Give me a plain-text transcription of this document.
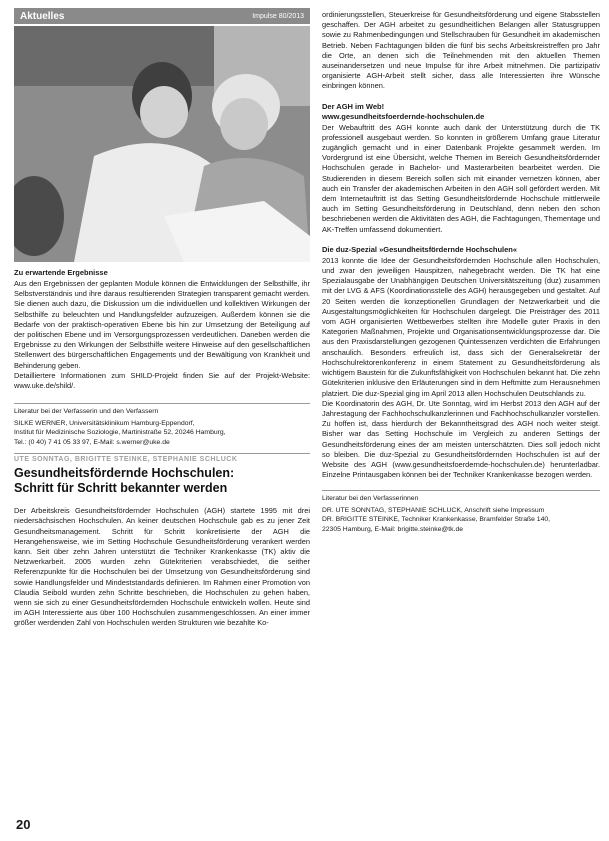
Aktuelles	Impulse 80/2013

Zu erwartende Ergebnisse

Aus den Ergebnissen der geplanten Module können die Entwicklungen der Selbsthilfe, ihr Selbstverständnis und ihre daraus resultierenden Strategien transparent gemacht werden. Sie dienen auch dazu, die Diskussion um die individuellen und kollektiven Wirkungen der Selbsthilfe zu beleuchten und Handlungsfelder aufzuzeigen. Außerdem können sie die Bedarfe von der praktisch-operativen Ebene bis hin zur Umsetzung der Beteiligung auf der politischen Ebene und im Versorgungsprozessen verdeutlichen. Daneben werden die Ergebnisse zu den Wirkungen der Selbsthilfe weitere Hinweise auf den gesellschaftlichen Stellenwert des bürgerschaftlichen Engagements und der Bewältigung von Krankheit und Behinderung geben.

Detailliertere Informationen zum SHILD-Projekt finden Sie auf der Projekt-Website: www.uke.de/shild/.

Literatur bei der Verfasserin und den Verfassern

SILKE WERNER, Universitätsklinikum Hamburg-Eppendorf,

Institut für Medizinische Soziologie, Martinistraße 52, 20246 Hamburg,

Tel.: (0 40) 7 41 05 33 97, E-Mail: s.werner@uke.de

UTE SONNTAG, BRIGITTE STEINKE, STEPHANIE SCHLUCK

Gesundheitsfördernde Hochschulen:

Schritt für Schritt bekannter werden

Der Arbeitskreis Gesundheitsfördernder Hochschulen (AGH) startete 1995 mit drei niedersächsischen Hochschulen. An keiner deutschen Hochschule gab es zu jener Zeit Gesundheitsmanagement. Schritt für Schritt konkretisierte der AGH die Herangehensweise, wie im Setting Hochschule Gesundheitsförderung verankert werden kann. Seit über zehn Jahren unterstützt die Techniker Krankenkasse (TK) aktiv die Netzwerkarbeit. 2005 wurden zehn Gütekriterien verabschiedet, die seither Referenzpunkte für die Hochschulen bei der Umsetzung von Gesundheitsförderung sind sowie Handlungsfelder und Mindeststandards definieren. Im Rahmen einer Promotion von Claudia Seibold wurden zehn Schritte beschrieben, die Hochschulen zu gehen haben, wenn sie sich zu einer Gesundheitsfördernden Hochschule entwickeln wollen. Heute sind im AGH Interessierte aus über 100 Hochschulen zusammengeschlossen. An einer immer größer werdenden Zahl von Hochschulen werden Strukturen wie bezahlte Ko-

ordinierungsstellen, Steuerkreise für Gesundheitsförderung und eigene Stabsstellen geschaffen. Der AGH arbeitet zu gesundheitlichen Belangen aller Statusgruppen sowie zu Rahmenbedingungen und Stellschrauben für Gesundheit im akademischen Betrieb. Neben Fachtagungen bilden die fünf bis sechs Arbeitskreistreffen pro Jahr die Orte, an denen sich die Teilnehmenden mit den aktuellen Themen auseinandersetzen und neue Impulse für ihre Arbeit mitnehmen. Die partizipativ organisierte AGH-Arbeit stellt sicher, dass alle Interessierten ihre Wünsche einbringen können.

Der AGH im Web!

www.gesundheitsfoerdernde-hochschulen.de

Der Webauftritt des AGH konnte auch dank der Unterstützung durch die TK professionell ausgebaut werden. So konnten in größerem Umfang graue Literatur zugänglich gemacht und in einer Datenbank Projekte gesammelt werden. Im Vordergrund ist eine Übersicht, welche Themen im Bereich Gesundheitsfördernder Hochschulen gerade in Bachelor- und Masterarbeiten bearbeitet werden. Die Studierenden in diesem Bereich sollen sich mit einander vernetzen können, aber auch ein Transfer der akademischen Arbeiten in den AGH soll gefördert werden. Mit dem Internetauftritt ist das Setting Gesundheitsfördernde Hochschule mittlerweile auch im Setting Gesundheitsförderung in Deutschland, denn neben den schon beschriebenen werden die Aktivitäten des AGH, die Fachtagungen, Thementage und AK-Treffen umfassend dokumentiert.

Die duz-Spezial »Gesundheitsfördernde Hochschulen«

2013 konnte die Idee der Gesundheitsfördernden Hochschule allen Hochschulen, und zwar den jeweiligen Hauspitzen, nahegebracht werden. Die TK hat eine Spezialausgabe der Unabhängigen Deutschen Universitätszeitung (duz) zusammen mit der LVG & AFS (Koordinationsstelle des AGH) herausgegeben und gestaltet. Auf 20 Seiten werden die konzeptionellen Grundlagen der Netzwerkarbeit und die Ausgestaltungsmöglichkeiten für Hochschulen dargelegt. Die Preisträger des 2011 vom AGH organisierten Wettbewerbes stellten ihre Modelle guter Praxis in den Kategorien Maßnahmen, Projekte und Organisationsentwicklungsprozesse dar. Die aus den Praxisdarstellungen gezogenen Quintessenzen verdichten die Erfahrungen anschaulich. Besonders erfreulich ist, dass sich der Generalsekretär der Hochschulrektorenkonferenz in einem Statement zu Gesundheitsförderung als wichtigem Baustein für die Zukunftsfähigkeit von Hochschulen bekannt hat. Die zehn Gütekriterien inklusive den Erläuterungen sind in dem Heftmitte zum Herausnehmen platziert. Die duz-Spezial ging im April 2013 allen Hochschulen Deutschlands zu.

Die Koordinatorin des AGH, Dr. Ute Sonntag, wird im Herbst 2013 den AGH auf der Jahrestagung der Fachhochschulkanzlerinnen und Fachhochschulkanzler vorstellen. Zu hoffen ist, dass hierdurch der Bekanntheitsgrad des AGH noch weiter steigt. Bisher war das Setting Hochschule im Vergleich zu anderen Settings der Gesundheitsförderung eines der am meisten unterschätzten. Dies soll jedoch nicht so bleiben. Die duz-Spezial zu Gesundheitsfördernden Hochschulen ist auf der Website des AGH (www.gesundheitsfoerdernde-hochschulen.de) herunterladbar. Einzelne Printausgaben können bei der Techniker Krankenkasse bezogen werden.

Literatur bei den Verfasserinnen

DR. UTE SONNTAG, STEPHANIE SCHLUCK, Anschrift siehe Impressum

DR. BRIGITTE STEINKE, Techniker Krankenkasse, Bramfelder Straße 140,

22305 Hamburg, E-Mail: brigitte.steinke@tk.de

20
